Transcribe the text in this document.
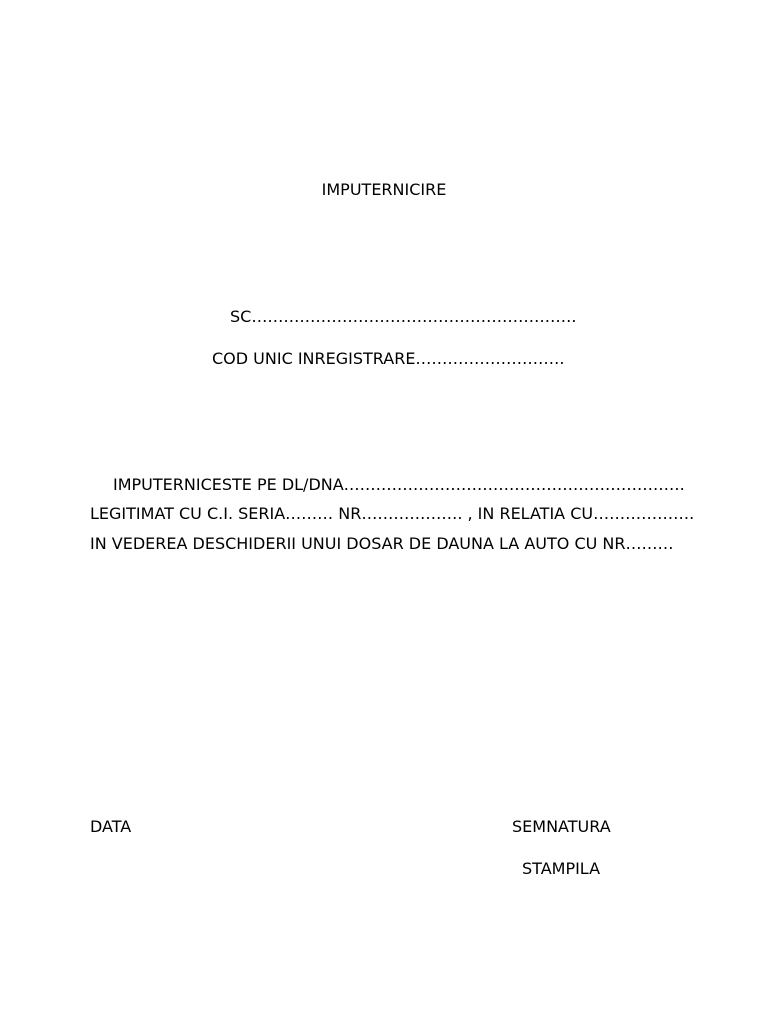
IMPUTERNICIRE
SC…………………………………………………….
COD UNIC INREGISTRARE……………………….
IMPUTERNICESTE PE DL/DNA……………………………………………………….
LEGITIMAT CU C.I. SERIA……… NR………………. , IN RELATIA CU……………….
IN VEDEREA DESCHIDERII UNUI DOSAR DE DAUNA LA AUTO CU NR………
DATA	SEMNATURA
STAMPILA
